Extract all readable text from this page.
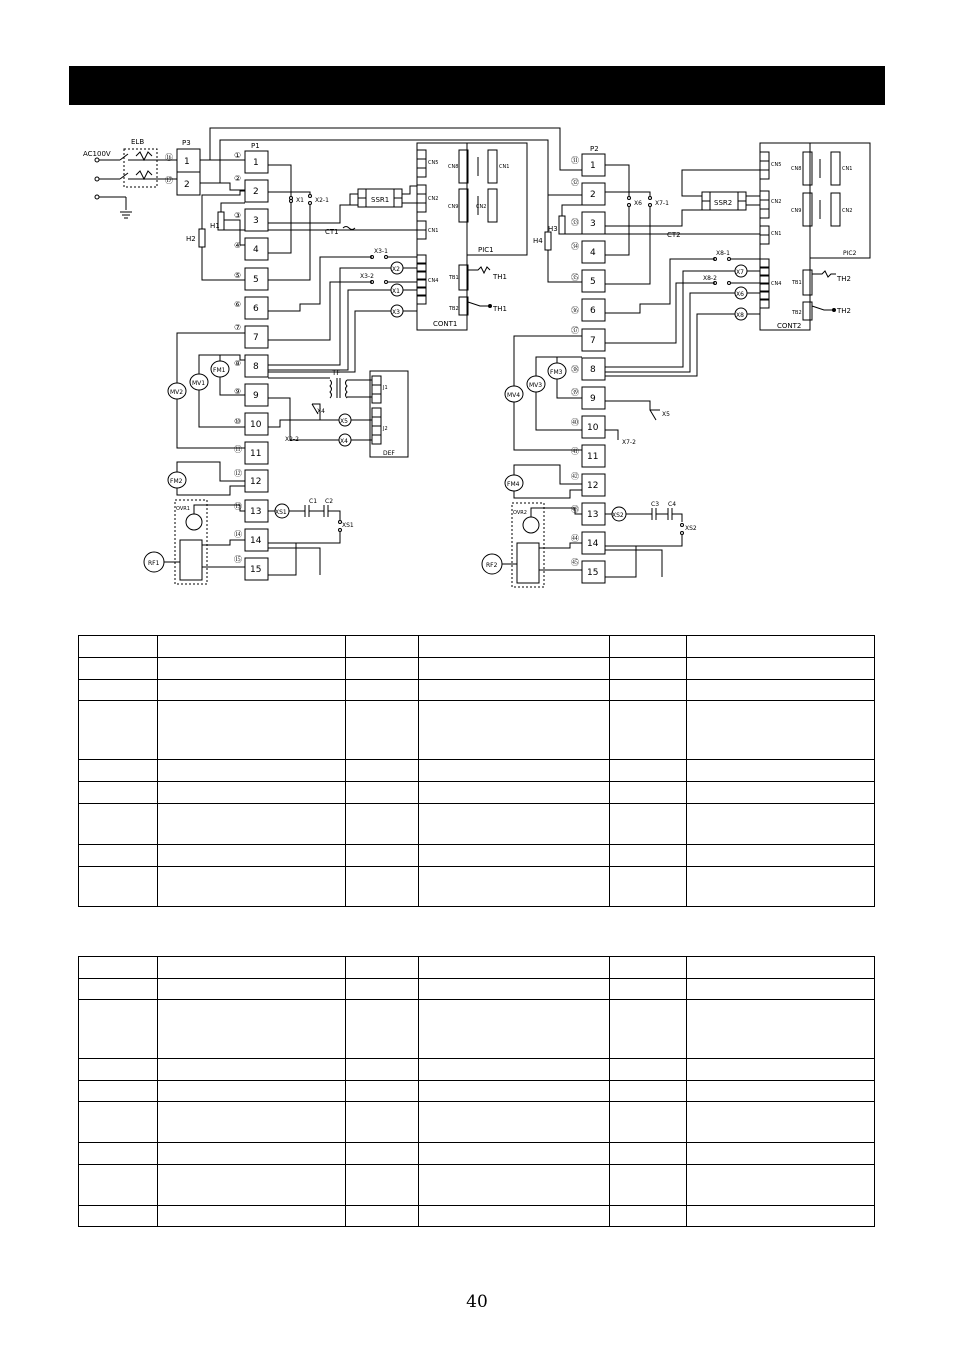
AC100V
ELB	P3
1
2
⑯
⑰
P1
1
2
3
4
5
6
7
8
9
10
11
12
13
14
15
①
②
③
④
⑤
⑥
⑦
⑧
⑨
⑩
⑪
⑫
⑬
⑭
⑮
H1
H2
X1 X2-1	SSR1
CT1
CN5
CN2
CN1
CN4
CONT1
CN8
CN9
TB1
TB2
CN1
CN2
PIC1
TH1
TH1
X2
X1
X3
X3-1
X3-2
TF
J1
J2
DEF
X5
X4
X4
MV2
MV1
FM1
FM2
X2-2
RF1
OVR1	XS1
C1 C2
XS1
P2
1
2
3
4
5
6
7
8
9
10
11
12
13
14
15
㉛
㉜
㉝
㉞
㉟
㊱
㊲
㊳
㊴
㊵
㊶
㊷
㊸
㊹
㊺
H3
H4
X6 X7-1	SSR2
CT2
CN5
CN2
CN1
CN4
CONT2
CN8
CN9
TB1
TB2
CN1
CN2
PIC2
TH2
TH2
X7
X6
X8
X8-1
X8-2
MV4
MV3
FM3
FM4
X5
X7-2
RF2
OVR2	XS2
C3 C4
XS2

40
